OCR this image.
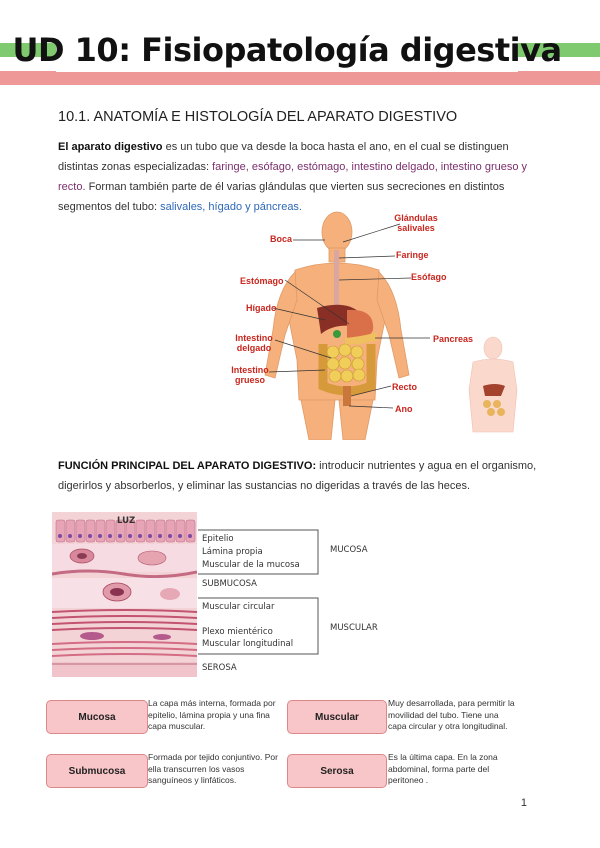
UD 10: Fisiopatología digestiva
10.1. ANATOMÍA E HISTOLOGÍA DEL APARATO DIGESTIVO
El aparato digestivo es un tubo que va desde la boca hasta el ano, en el cual se distinguen distintas zonas especializadas: faringe, esófago, estómago, intestino delgado, intestino grueso y recto. Forman también parte de él varias glándulas que vierten sus secreciones en distintos segmentos del tubo: salivales, hígado y páncreas.
Boca
Glándulas salivales
Faringe
Esófago
Estómago
Hígado
Intestino delgado
Pancreas
Intestino grueso
Recto
Ano
FUNCIÓN PRINCIPAL DEL APARATO DIGESTIVO: introducir nutrientes y agua en el organismo, digerirlos y absorberlos, y eliminar las sustancias no digeridas a través de las heces.
LUZ
Epitelio
Lámina propia
Muscular de la mucosa
SUBMUCOSA
Muscular circular
Plexo mientérico
Muscular longitudinal
SEROSA
MUCOSA
MUSCULAR
Mucosa
La capa más interna, formada por epitelio, lámina propia y una fina capa muscular.
Muscular
Muy desarrollada, para permitir la movilidad del tubo. Tiene una capa circular y otra longitudinal.
Submucosa
Formada por tejido conjuntivo. Por ella transcurren los vasos sanguíneos y linfáticos.
Serosa
Es la última capa. En la zona abdominal, forma parte del peritoneo .
1
